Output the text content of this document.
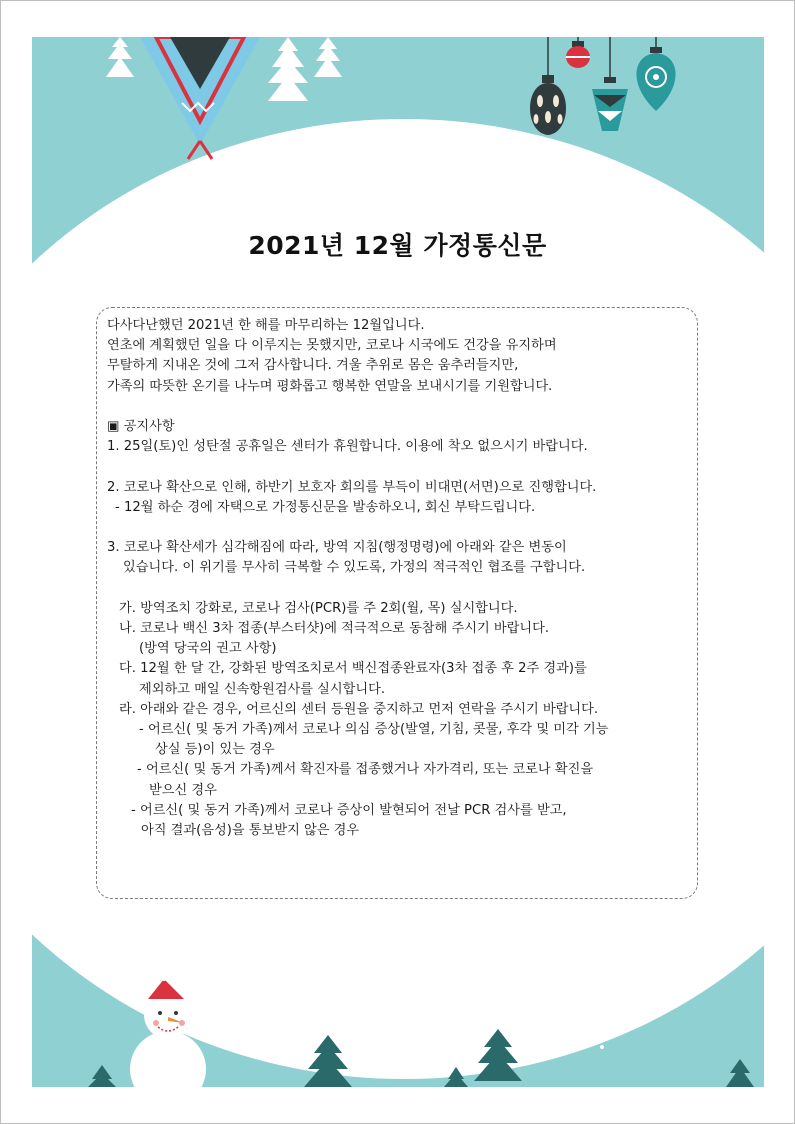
2021년 12월 가정통신문

다사다난했던 2021년 한 해를 마무리하는 12월입니다.

연초에 계획했던 일을 다 이루지는 못했지만, 코로나 시국에도 건강을 유지하며

무탈하게 지내온 것에 그저 감사합니다. 겨울 추위로 몸은 움추러들지만,

가족의 따뜻한 온기를 나누며 평화롭고 행복한 연말을 보내시기를 기원합니다.

▣ 공지사항

1. 25일(토)인 성탄절 공휴일은 센터가 휴원합니다. 이용에 착오 없으시기 바랍니다.

2. 코로나 확산으로 인해, 하반기 보호자 회의를 부득이 비대면(서면)으로 진행합니다.

- 12월 하순 경에 자택으로 가정통신문을 발송하오니, 회신 부탁드립니다.

3. 코로나 확산세가 심각해짐에 따라, 방역 지침(행정명령)에 아래와 같은 변동이

있습니다. 이 위기를 무사히 극복할 수 있도록, 가정의 적극적인 협조를 구합니다.

가. 방역조치 강화로, 코로나 검사(PCR)를 주 2회(월, 목) 실시합니다.

나. 코로나 백신 3차 접종(부스터샷)에 적극적으로 동참해 주시기 바랍니다.

(방역 당국의 권고 사항)

다. 12월 한 달 간, 강화된 방역조치로서 백신접종완료자(3차 접종 후 2주 경과)를

제외하고 매일 신속항원검사를 실시합니다.

라. 아래와 같은 경우, 어르신의 센터 등원을 중지하고 먼저 연락을 주시기 바랍니다.

- 어르신( 및 동거 가족)께서 코로나 의심 증상(발열, 기침, 콧물, 후각 및 미각 기능

상실 등)이 있는 경우

- 어르신( 및 동거 가족)께서 확진자를 접종했거나 자가격리, 또는 코로나 확진을

받으신 경우

- 어르신( 및 동거 가족)께서 코로나 증상이 발현되어 전날 PCR 검사를 받고,

아직 결과(음성)을 통보받지 않은 경우
